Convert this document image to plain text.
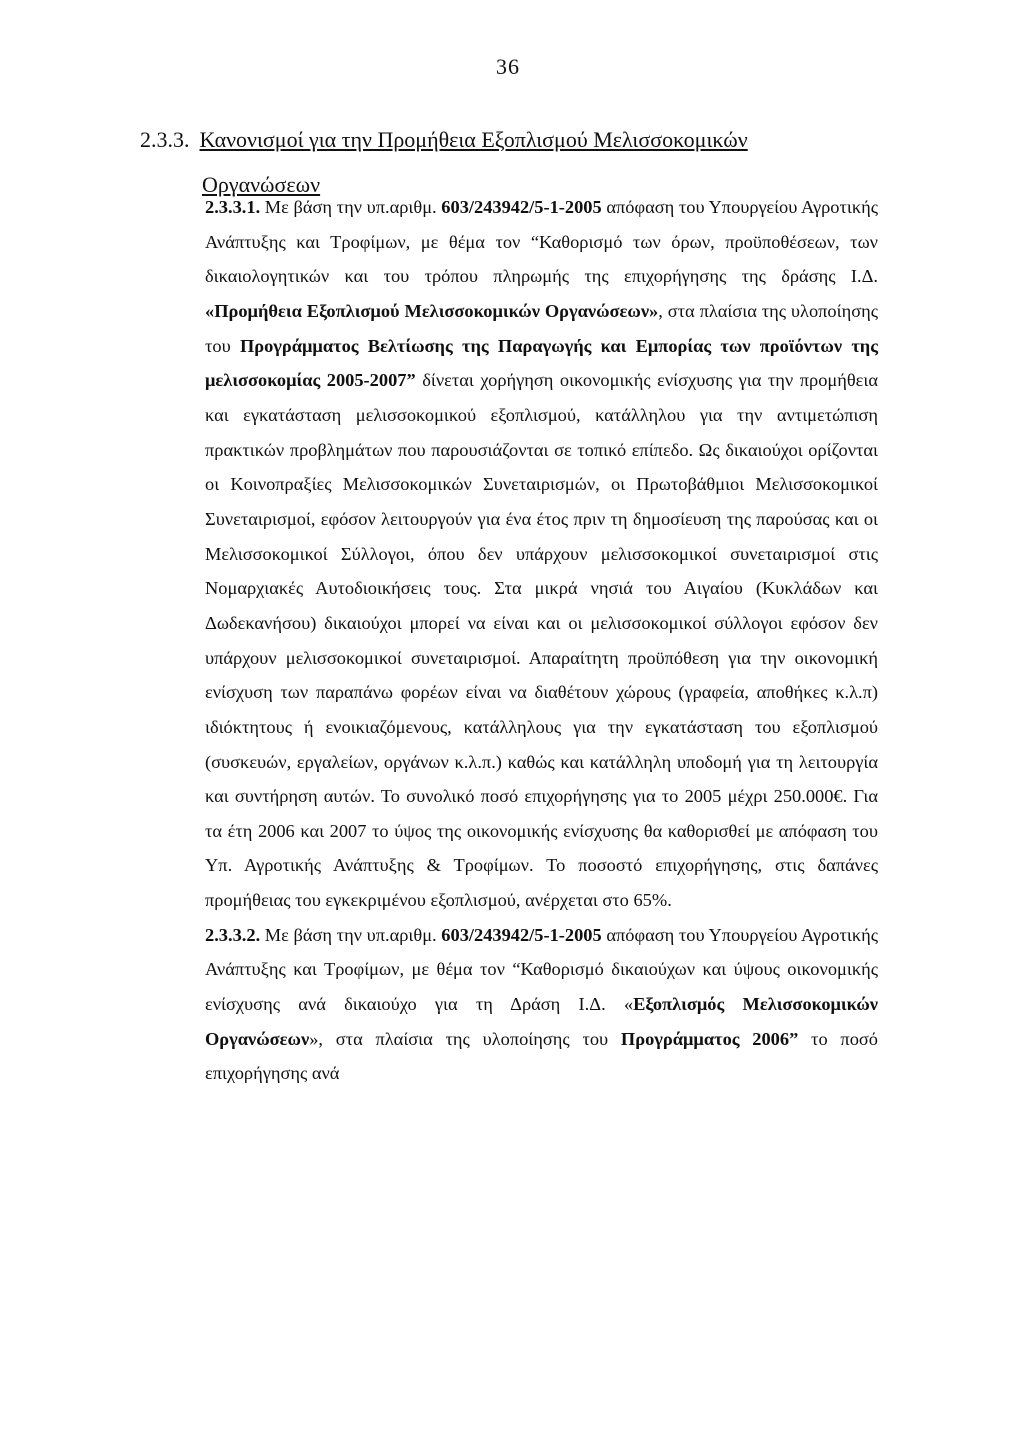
36
2.3.3. Κανονισμοί για την Προμήθεια Εξοπλισμού Μελισσοκομικών
Οργανώσεων

2.3.3.1. Με βάση την υπ.αριθμ. 603/243942/5-1-2005 απόφαση του Υπουργείου Αγροτικής Ανάπτυξης και Τροφίμων, με θέμα τον “Καθορισμό των όρων, προϋποθέσεων, των δικαιολογητικών και του τρόπου πληρωμής της επιχορήγησης της δράσης Ι.Δ. «Προμήθεια Εξοπλισμού Μελισσοκομικών Οργανώσεων», στα πλαίσια της υλοποίησης του Προγράμματος Βελτίωσης της Παραγωγής και Εμπορίας των προϊόντων της μελισσοκομίας 2005-2007” δίνεται χορήγηση οικονομικής ενίσχυσης για την προμήθεια και εγκατάσταση μελισσοκομικού εξοπλισμού, κατάλληλου για την αντιμετώπιση πρακτικών προβλημάτων που παρουσιάζονται σε τοπικό επίπεδο. Ως δικαιούχοι ορίζονται οι Κοινοπραξίες Μελισσοκομικών Συνεταιρισμών, οι Πρωτοβάθμιοι Μελισσοκομικοί Συνεταιρισμοί, εφόσον λειτουργούν για ένα έτος πριν τη δημοσίευση της παρούσας και οι Μελισσοκομικοί Σύλλογοι, όπου δεν υπάρχουν μελισσοκομικοί συνεταιρισμοί στις Νομαρχιακές Αυτοδιοικήσεις τους. Στα μικρά νησιά του Αιγαίου (Κυκλάδων και Δωδεκανήσου) δικαιούχοι μπορεί να είναι και οι μελισσοκομικοί σύλλογοι εφόσον δεν υπάρχουν μελισσοκομικοί συνεταιρισμοί. Απαραίτητη προϋπόθεση για την οικονομική ενίσχυση των παραπάνω φορέων είναι να διαθέτουν χώρους (γραφεία, αποθήκες κ.λ.π) ιδιόκτητους ή ενοικιαζόμενους, κατάλληλους για την εγκατάσταση του εξοπλισμού (συσκευών, εργαλείων, οργάνων κ.λ.π.) καθώς και κατάλληλη υποδομή για τη λειτουργία και συντήρηση αυτών. Το συνολικό ποσό επιχορήγησης για το 2005 μέχρι 250.000€. Για τα έτη 2006 και 2007 το ύψος της οικονομικής ενίσχυσης θα καθορισθεί με απόφαση του Υπ. Αγροτικής Ανάπτυξης & Τροφίμων. Το ποσοστό επιχορήγησης, στις δαπάνες προμήθειας του εγκεκριμένου εξοπλισμού, ανέρχεται στο 65%.

2.3.3.2. Με βάση την υπ.αριθμ. 603/243942/5-1-2005 απόφαση του Υπουργείου Αγροτικής Ανάπτυξης και Τροφίμων, με θέμα τον “Καθορισμό δικαιούχων και ύψους οικονομικής ενίσχυσης ανά δικαιούχο για τη Δράση Ι.Δ. «Εξοπλισμός Μελισσοκομικών Οργανώσεων», στα πλαίσια της υλοποίησης του Προγράμματος 2006” το ποσό επιχορήγησης ανά
